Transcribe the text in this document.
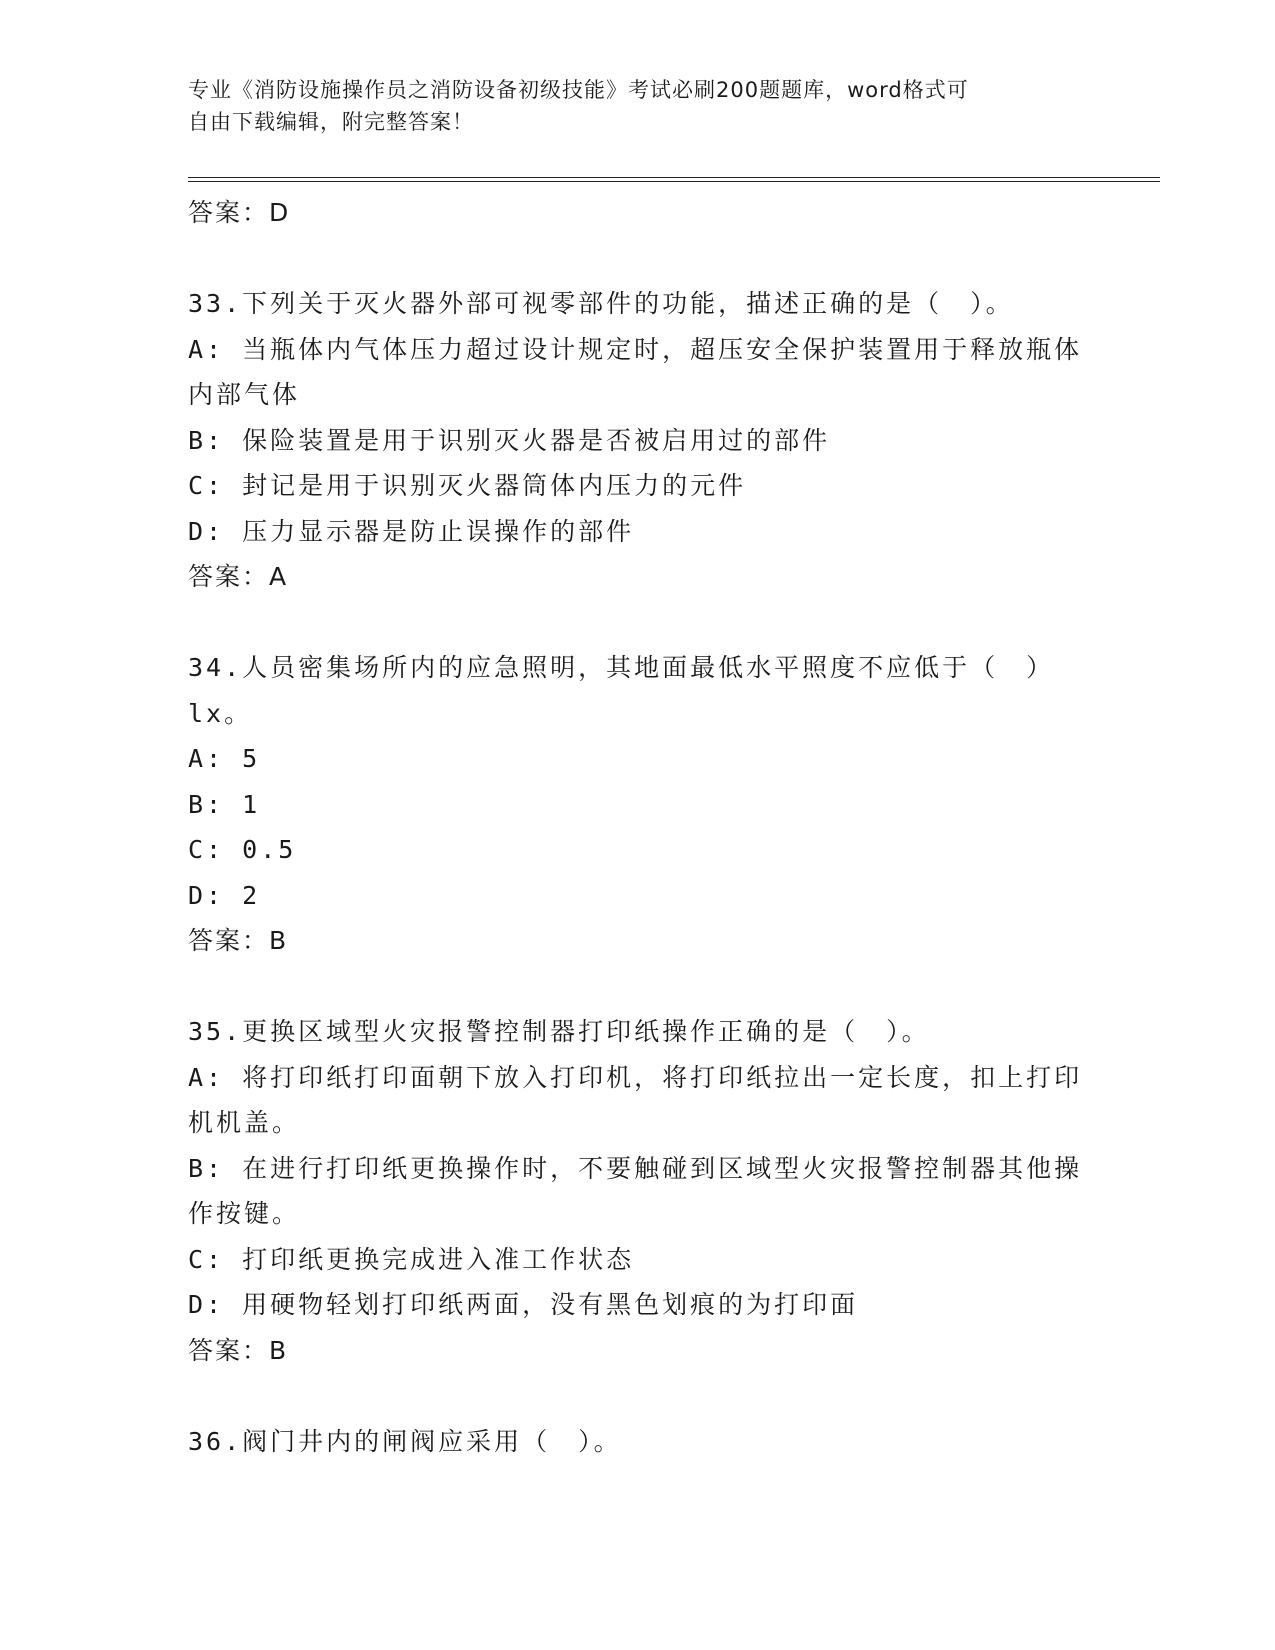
专业《消防设施操作员之消防设备初级技能》考试必刷200题题库，word格式可
自由下载编辑，附完整答案！
答案：D
33.下列关于灭火器外部可视零部件的功能，描述正确的是（　）。
A: 当瓶体内气体压力超过设计规定时，超压安全保护装置用于释放瓶体内部气体
B: 保险装置是用于识别灭火器是否被启用过的部件
C: 封记是用于识别灭火器筒体内压力的元件
D: 压力显示器是防止误操作的部件
答案：A
34.人员密集场所内的应急照明，其地面最低水平照度不应低于（　）lx。
A: 5
B: 1
C: 0.5
D: 2
答案：B
35.更换区域型火灾报警控制器打印纸操作正确的是（　）。
A: 将打印纸打印面朝下放入打印机，将打印纸拉出一定长度，扣上打印机机盖。
B: 在进行打印纸更换操作时，不要触碰到区域型火灾报警控制器其他操作按键。
C: 打印纸更换完成进入准工作状态
D: 用硬物轻划打印纸两面，没有黑色划痕的为打印面
答案：B
36.阀门井内的闸阀应采用（　）。
